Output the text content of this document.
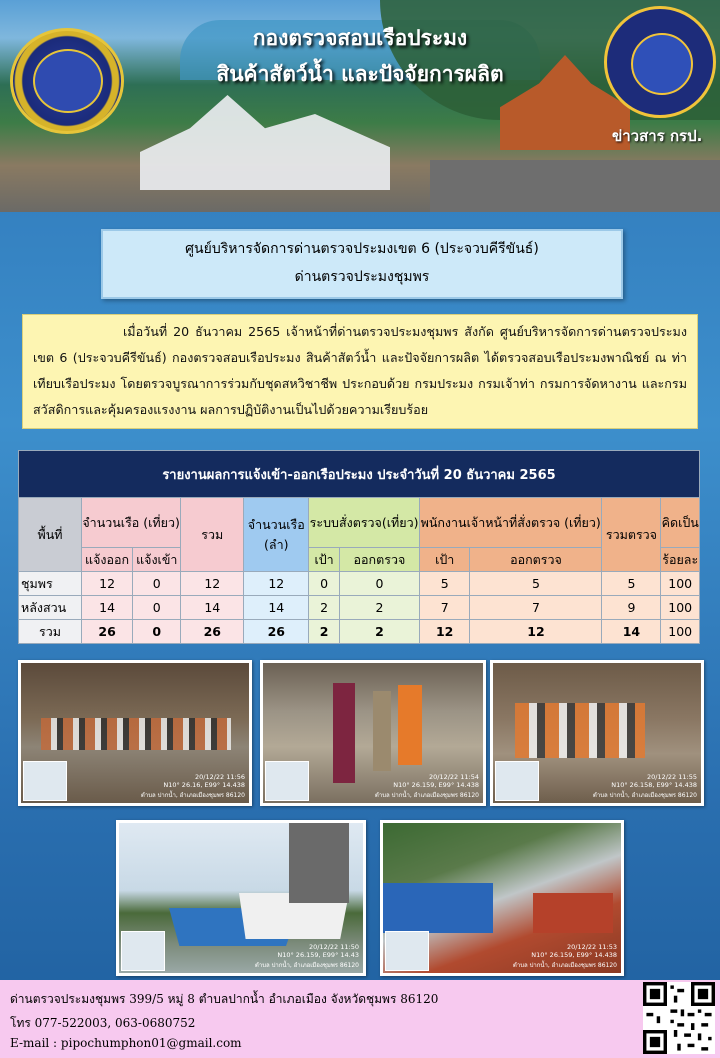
กองตรวจสอบเรือประมง
สินค้าสัตว์น้ำ และปัจจัยการผลิต
ข่าวสาร กรป.
ศูนย์บริหารจัดการด่านตรวจประมงเขต 6 (ประจวบคีรีขันธ์)
ด่านตรวจประมงชุมพร

เมื่อวันที่ 20 ธันวาคม 2565 เจ้าหน้าที่ด่านตรวจประมงชุมพร สังกัด ศูนย์บริหารจัดการด่านตรวจประมงเขต 6 (ประจวบคีรีขันธ์) กองตรวจสอบเรือประมง สินค้าสัตว์น้ำ และปัจจัยการผลิต ได้ตรวจสอบเรือประมงพาณิชย์ ณ ท่าเทียบเรือประมง โดยตรวจบูรณาการร่วมกับชุดสหวิชาชีพ ประกอบด้วย กรมประมง กรมเจ้าท่า กรมการจัดหางาน และกรมสวัสดิการและคุ้มครองแรงงาน ผลการปฏิบัติงานเป็นไปด้วยความเรียบร้อย

รายงานผลการแจ้งเข้า-ออกเรือประมง ประจำวันที่ 20 ธันวาคม 2565										
พื้นที่	จำนวนเรือ (เที่ยว)		รวม	จำนวนเรือ (ลำ)	ระบบสั่งตรวจ(เที่ยว)		พนักงานเจ้าหน้าที่สั่งตรวจ (เที่ยว)		รวมตรวจ	คิดเป็น
	แจ้งออก	แจ้งเข้า			เป้า	ออกตรวจ	เป้า	ออกตรวจ		ร้อยละ
ชุมพร	12	0	12	12	0	0	5	5	5	100
หลังสวน	14	0	14	14	2	2	7	7	9	100
รวม	26	0	26	26	2	2	12	12	14	100
20/12/22 11:56
N10° 26.16, E99° 14.438
ตำบล ปากน้ำ, อำเภอเมืองชุมพร 86120
20/12/22 11:54
N10° 26.159, E99° 14.438
ตำบล ปากน้ำ, อำเภอเมืองชุมพร 86120
20/12/22 11:55
N10° 26.158, E99° 14.438
ตำบล ปากน้ำ, อำเภอเมืองชุมพร 86120
20/12/22 11:50
N10° 26.159, E99° 14.43
ตำบล ปากน้ำ, อำเภอเมืองชุมพร 86120
20/12/22 11:53
N10° 26.159, E99° 14.438
ตำบล ปากน้ำ, อำเภอเมืองชุมพร 86120
ด่านตรวจประมงชุมพร 399/5 หมู่ 8 ตำบลปากน้ำ อำเภอเมือง จังหวัดชุมพร 86120
โทร 077-522003, 063-0680752
E-mail : pipochumphon01@gmail.com
